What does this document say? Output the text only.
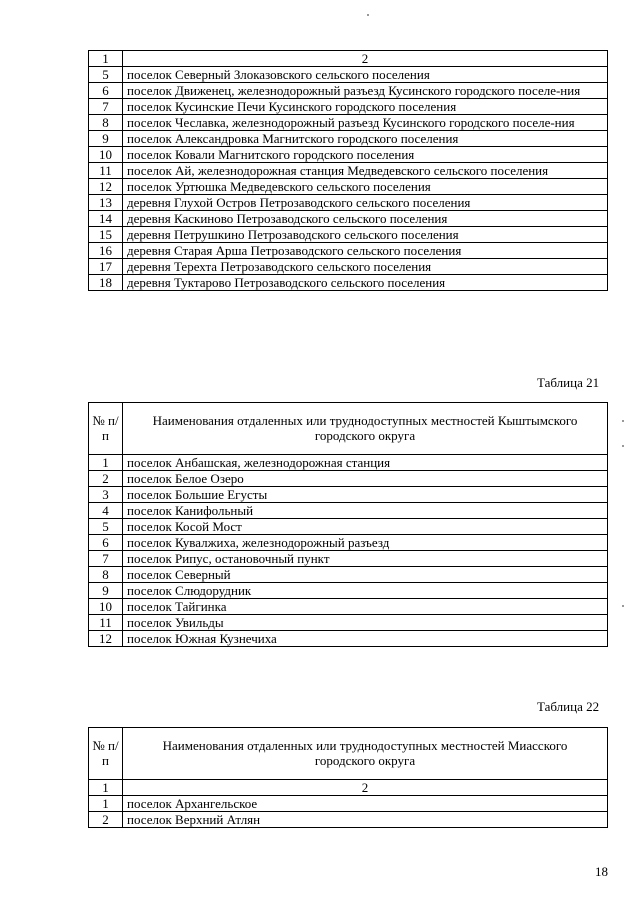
1	2
5	поселок Северный Злоказовского сельского поселения
6	поселок Движенец, железнодорожный разъезд Кусинского городского поселе-ния
7	поселок Кусинские Печи Кусинского городского поселения
8	поселок Чеславка, железнодорожный разъезд Кусинского городского поселе-ния
9	поселок Александровка Магнитского городского поселения
10	поселок Ковали Магнитского городского поселения
11	поселок Ай, железнодорожная станция Медведевского сельского поселения
12	поселок Уртюшка Медведевского сельского поселения
13	деревня Глухой Остров Петрозаводского сельского поселения
14	деревня Каскиново Петрозаводского сельского поселения
15	деревня Петрушкино Петрозаводского сельского поселения
16	деревня Старая Арша Петрозаводского сельского поселения
17	деревня Терехта Петрозаводского сельского поселения
18	деревня Туктарово Петрозаводского сельского поселения
Таблица 21
№ п/п	Наименования отдаленных или труднодоступных местностей Кыштымского городского округа
1	поселок Анбашская, железнодорожная станция
2	поселок Белое Озеро
3	поселок Большие Егусты
4	поселок Канифольный
5	поселок Косой Мост
6	поселок Кувалжиха, железнодорожный разъезд
7	поселок Рипус, остановочный пункт
8	поселок Северный
9	поселок Слюдорудник
10	поселок Тайгинка
11	поселок Увильды
12	поселок Южная Кузнечиха
Таблица 22
№ п/п	Наименования отдаленных или труднодоступных местностей Миасского городского округа
1	2
1	поселок Архангельское
2	поселок Верхний Атлян
18
